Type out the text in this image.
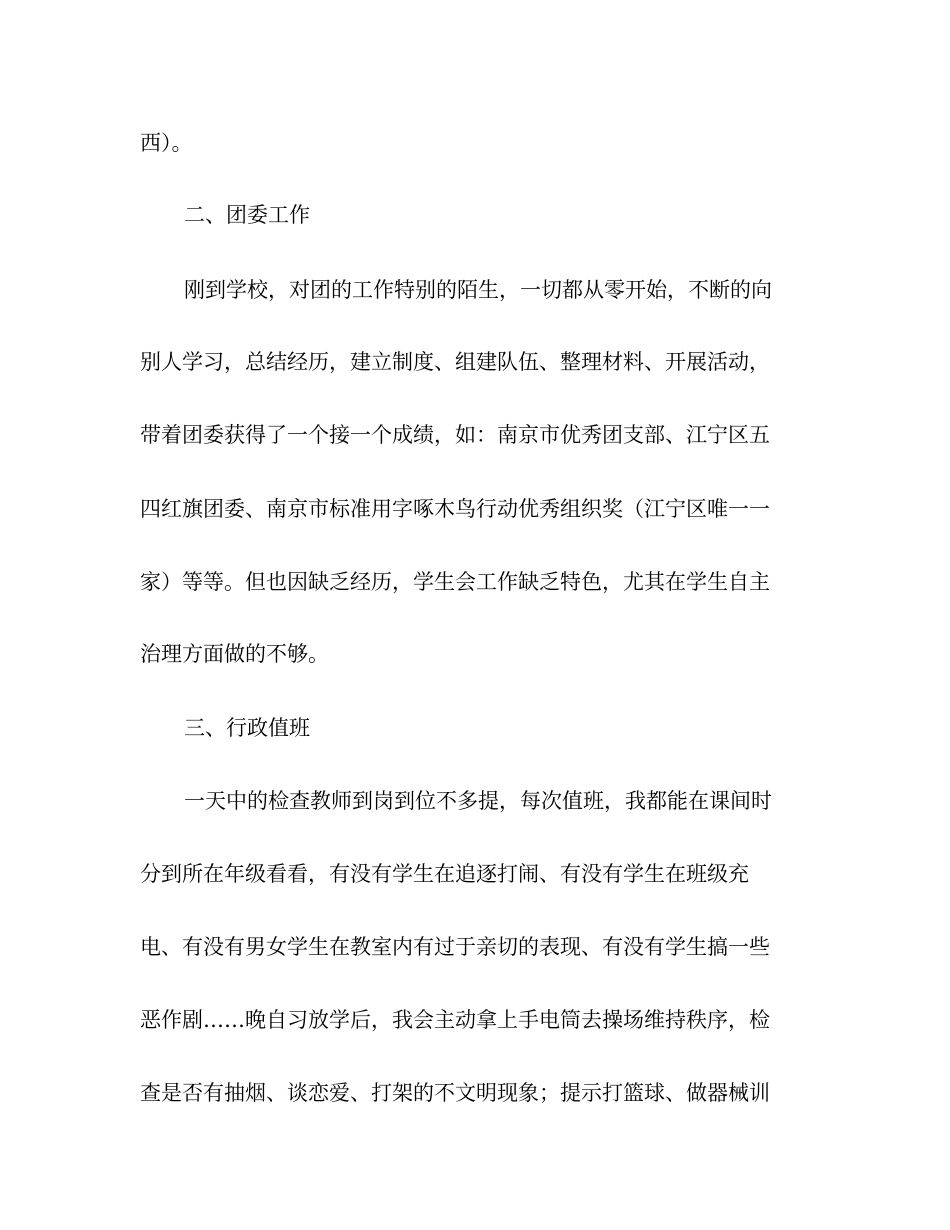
西）。
二、团委工作
刚到学校，对团的工作特别的陌生，一切都从零开始，不断的向
别人学习，总结经历，建立制度、组建队伍、整理材料、开展活动，
带着团委获得了一个接一个成绩，如：南京市优秀团支部、江宁区五
四红旗团委、南京市标准用字啄木鸟行动优秀组织奖（江宁区唯一一
家）等等。但也因缺乏经历，学生会工作缺乏特色，尤其在学生自主
治理方面做的不够。
三、行政值班
一天中的检查教师到岗到位不多提，每次值班，我都能在课间时
分到所在年级看看，有没有学生在追逐打闹、有没有学生在班级充
电、有没有男女学生在教室内有过于亲切的表现、有没有学生搞一些
恶作剧……晚自习放学后，我会主动拿上手电筒去操场维持秩序，检
查是否有抽烟、谈恋爱、打架的不文明现象；提示打篮球、做器械训
